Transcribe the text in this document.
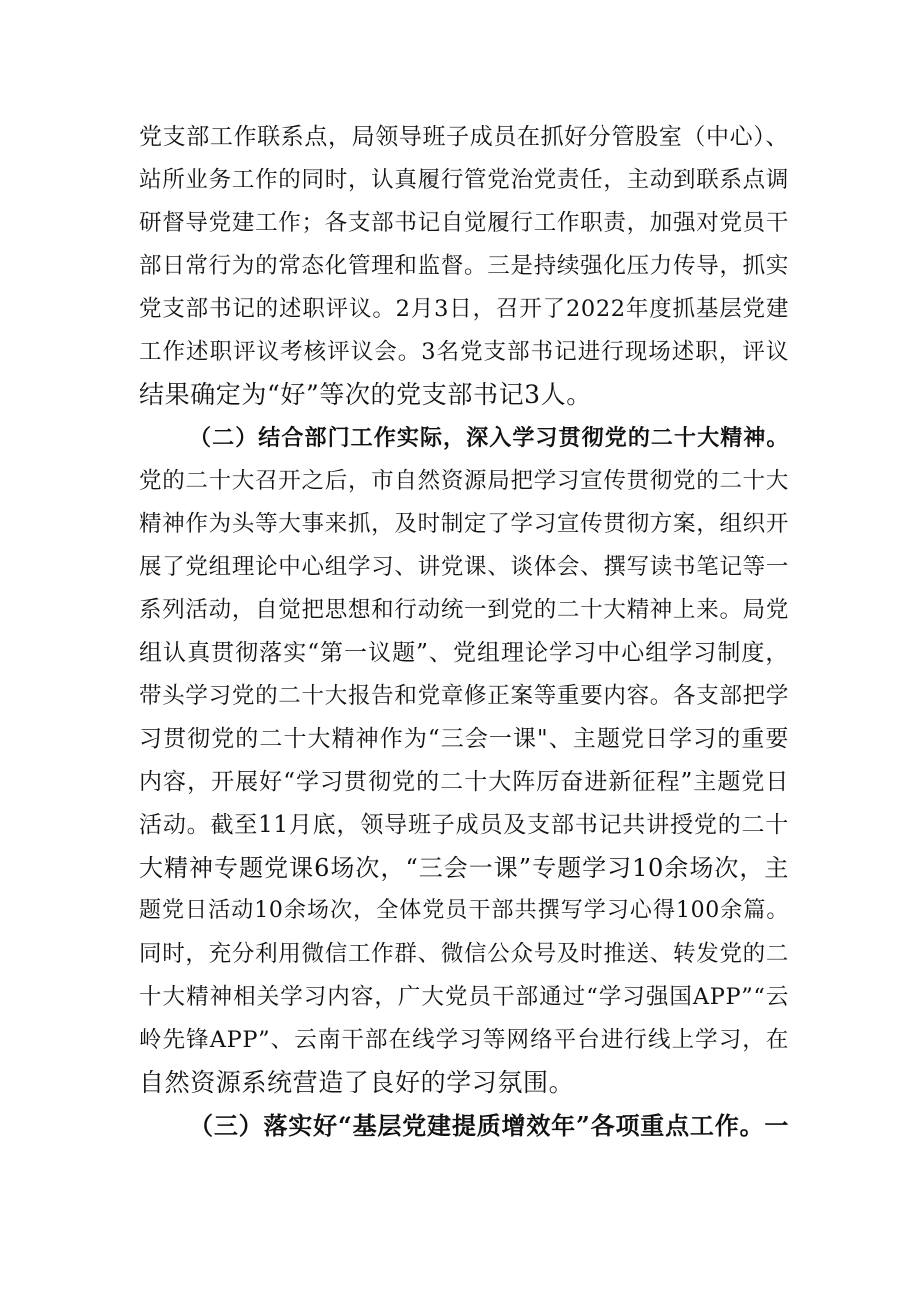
党支部工作联系点，局领导班子成员在抓好分管股室（中心）、
站所业务工作的同时，认真履行管党治党责任，主动到联系点调
研督导党建工作；各支部书记自觉履行工作职责，加强对党员干
部日常行为的常态化管理和监督。三是持续强化压力传导，抓实
党支部书记的述职评议。2月3日，召开了2022年度抓基层党建
工作述职评议考核评议会。3名党支部书记进行现场述职，评议
结果确定为“好”等次的党支部书记3人。
（二）结合部门工作实际，深入学习贯彻党的二十大精神。
党的二十大召开之后，市自然资源局把学习宣传贯彻党的二十大
精神作为头等大事来抓，及时制定了学习宣传贯彻方案，组织开
展了党组理论中心组学习、讲党课、谈体会、撰写读书笔记等一
系列活动，自觉把思想和行动统一到党的二十大精神上来。局党
组认真贯彻落实“第一议题”、党组理论学习中心组学习制度，
带头学习党的二十大报告和党章修正案等重要内容。各支部把学
习贯彻党的二十大精神作为“三会一课"、主题党日学习的重要
内容，开展好“学习贯彻党的二十大阵厉奋进新征程”主题党日
活动。截至11月底，领导班子成员及支部书记共讲授党的二十
大精神专题党课6场次，“三会一课”专题学习10余场次，主
题党日活动10余场次，全体党员干部共撰写学习心得100余篇。
同时，充分利用微信工作群、微信公众号及时推送、转发党的二
十大精神相关学习内容，广大党员干部通过“学习强国APP”“云
岭先锋APP”、云南干部在线学习等网络平台进行线上学习，在
自然资源系统营造了良好的学习氛围。
（三）落实好“基层党建提质增效年”各项重点工作。一
